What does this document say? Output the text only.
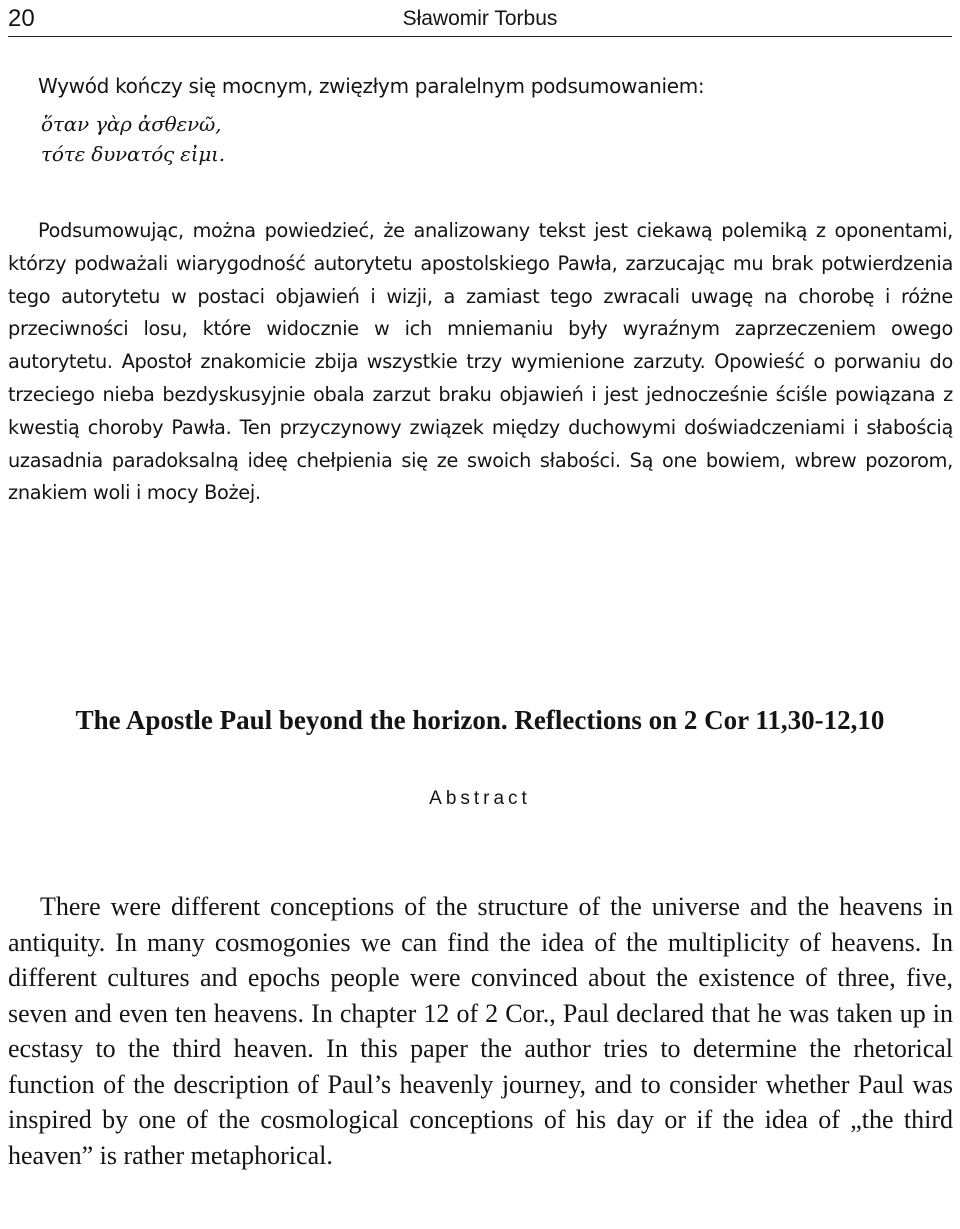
20	Sławomir Torbus
Wywód kończy się mocnym, zwięzłym paralelnym podsumowaniem:
ὅταν γὰρ ἀσθενῶ,
τότε δυνατός εἰμι.

Podsumowując, można powiedzieć, że analizowany tekst jest ciekawą polemiką z oponentami, którzy podważali wiarygodność autorytetu apostolskiego Pawła, zarzucając mu brak potwierdzenia tego autorytetu w postaci objawień i wizji, a zamiast tego zwracali uwagę na chorobę i różne przeciwności losu, które widocznie w ich mniemaniu były wyraźnym zaprzeczeniem owego autorytetu. Apostoł znakomicie zbija wszystkie trzy wymienione zarzuty. Opowieść o porwaniu do trzeciego nieba bezdyskusyjnie obala zarzut braku objawień i jest jednocześnie ściśle powiązana z kwestią choroby Pawła. Ten przyczynowy związek między duchowymi doświadczeniami i słabością uzasadnia paradoksalną ideę chełpienia się ze swoich słabości. Są one bowiem, wbrew pozorom, znakiem woli i mocy Bożej.

The Apostle Paul beyond the horizon. Reflections on 2 Cor 11,30-12,10
Abstract

There were different conceptions of the structure of the universe and the heavens in antiquity. In many cosmogonies we can find the idea of the multiplicity of heavens. In different cultures and epochs people were convinced about the existence of three, five, seven and even ten heavens. In chapter 12 of 2 Cor., Paul declared that he was taken up in ecstasy to the third heaven. In this paper the author tries to determine the rhetorical function of the description of Paul’s heavenly journey, and to consider whether Paul was inspired by one of the cosmological conceptions of his day or if the idea of „the third heaven” is rather metaphorical.
